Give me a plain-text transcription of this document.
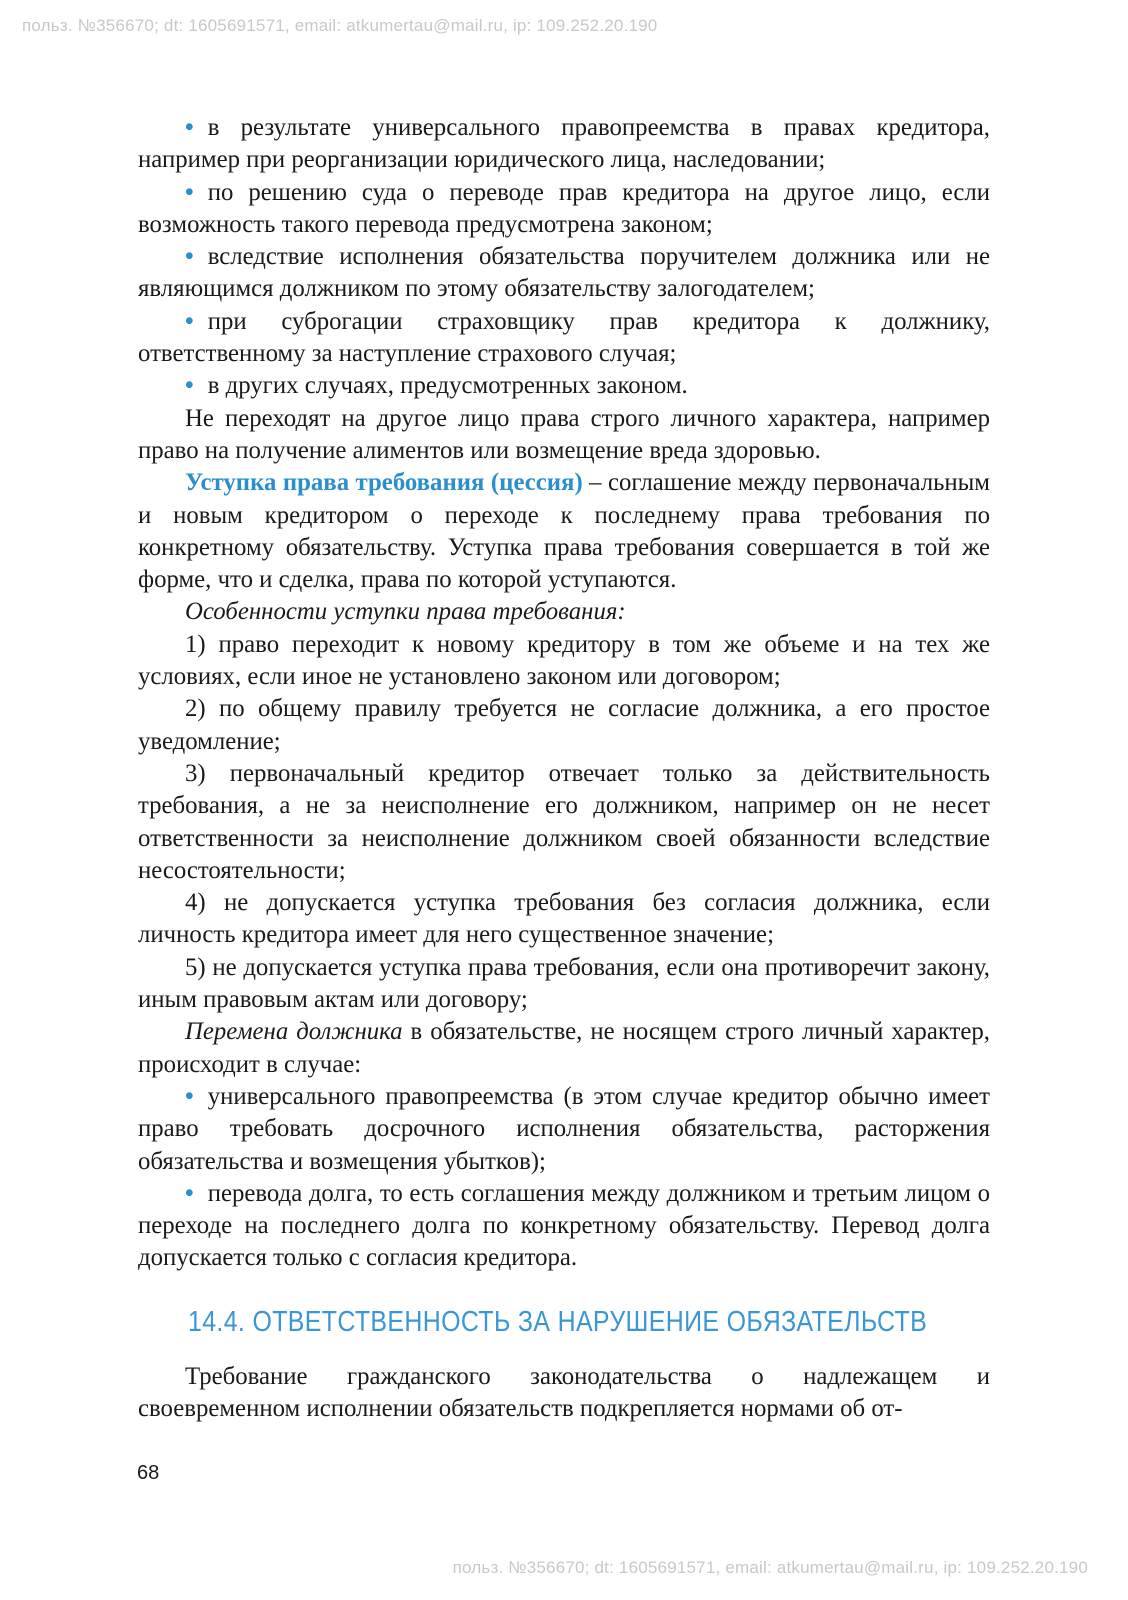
польз. №356670; dt: 1605691571, email: atkumertau@mail.ru, ip: 109.252.20.190

• в результате универсального правопреемства в правах кредитора, например при реорганизации юридического лица, наследовании;

• по решению суда о переводе прав кредитора на другое лицо, если возможность такого перевода предусмотрена законом;

• вследствие исполнения обязательства поручителем должника или не являющимся должником по этому обязательству залогодателем;

• при суброгации страховщику прав кредитора к должнику, ответственному за наступление страхового случая;

• в других случаях, предусмотренных законом.

Не переходят на другое лицо права строго личного характера, например право на получение алиментов или возмещение вреда здоровью.

Уступка права требования (цессия) – соглашение между первоначальным и новым кредитором о переходе к последнему права требования по конкретному обязательству. Уступка права требования совершается в той же форме, что и сделка, права по которой уступаются.

Особенности уступки права требования:

1) право переходит к новому кредитору в том же объеме и на тех же условиях, если иное не установлено законом или договором;

2) по общему правилу требуется не согласие должника, а его простое уведомление;

3) первоначальный кредитор отвечает только за действительность требования, а не за неисполнение его должником, например он не несет ответственности за неисполнение должником своей обязанности вследствие несостоятельности;

4) не допускается уступка требования без согласия должника, если личность кредитора имеет для него существенное значение;

5) не допускается уступка права требования, если она противоречит закону, иным правовым актам или договору;

Перемена должника в обязательстве, не носящем строго личный характер, происходит в случае:

• универсального правопреемства (в этом случае кредитор обычно имеет право требовать досрочного исполнения обязательства, расторжения обязательства и возмещения убытков);

• перевода долга, то есть соглашения между должником и третьим лицом о переходе на последнего долга по конкретному обязательству. Перевод долга допускается только с согласия кредитора.

14.4. ОТВЕТСТВЕННОСТЬ ЗА НАРУШЕНИЕ ОБЯЗАТЕЛЬСТВ

Требование гражданского законодательства о надлежащем и своевременном исполнении обязательств подкрепляется нормами об от-

68
польз. №356670; dt: 1605691571, email: atkumertau@mail.ru, ip: 109.252.20.190
